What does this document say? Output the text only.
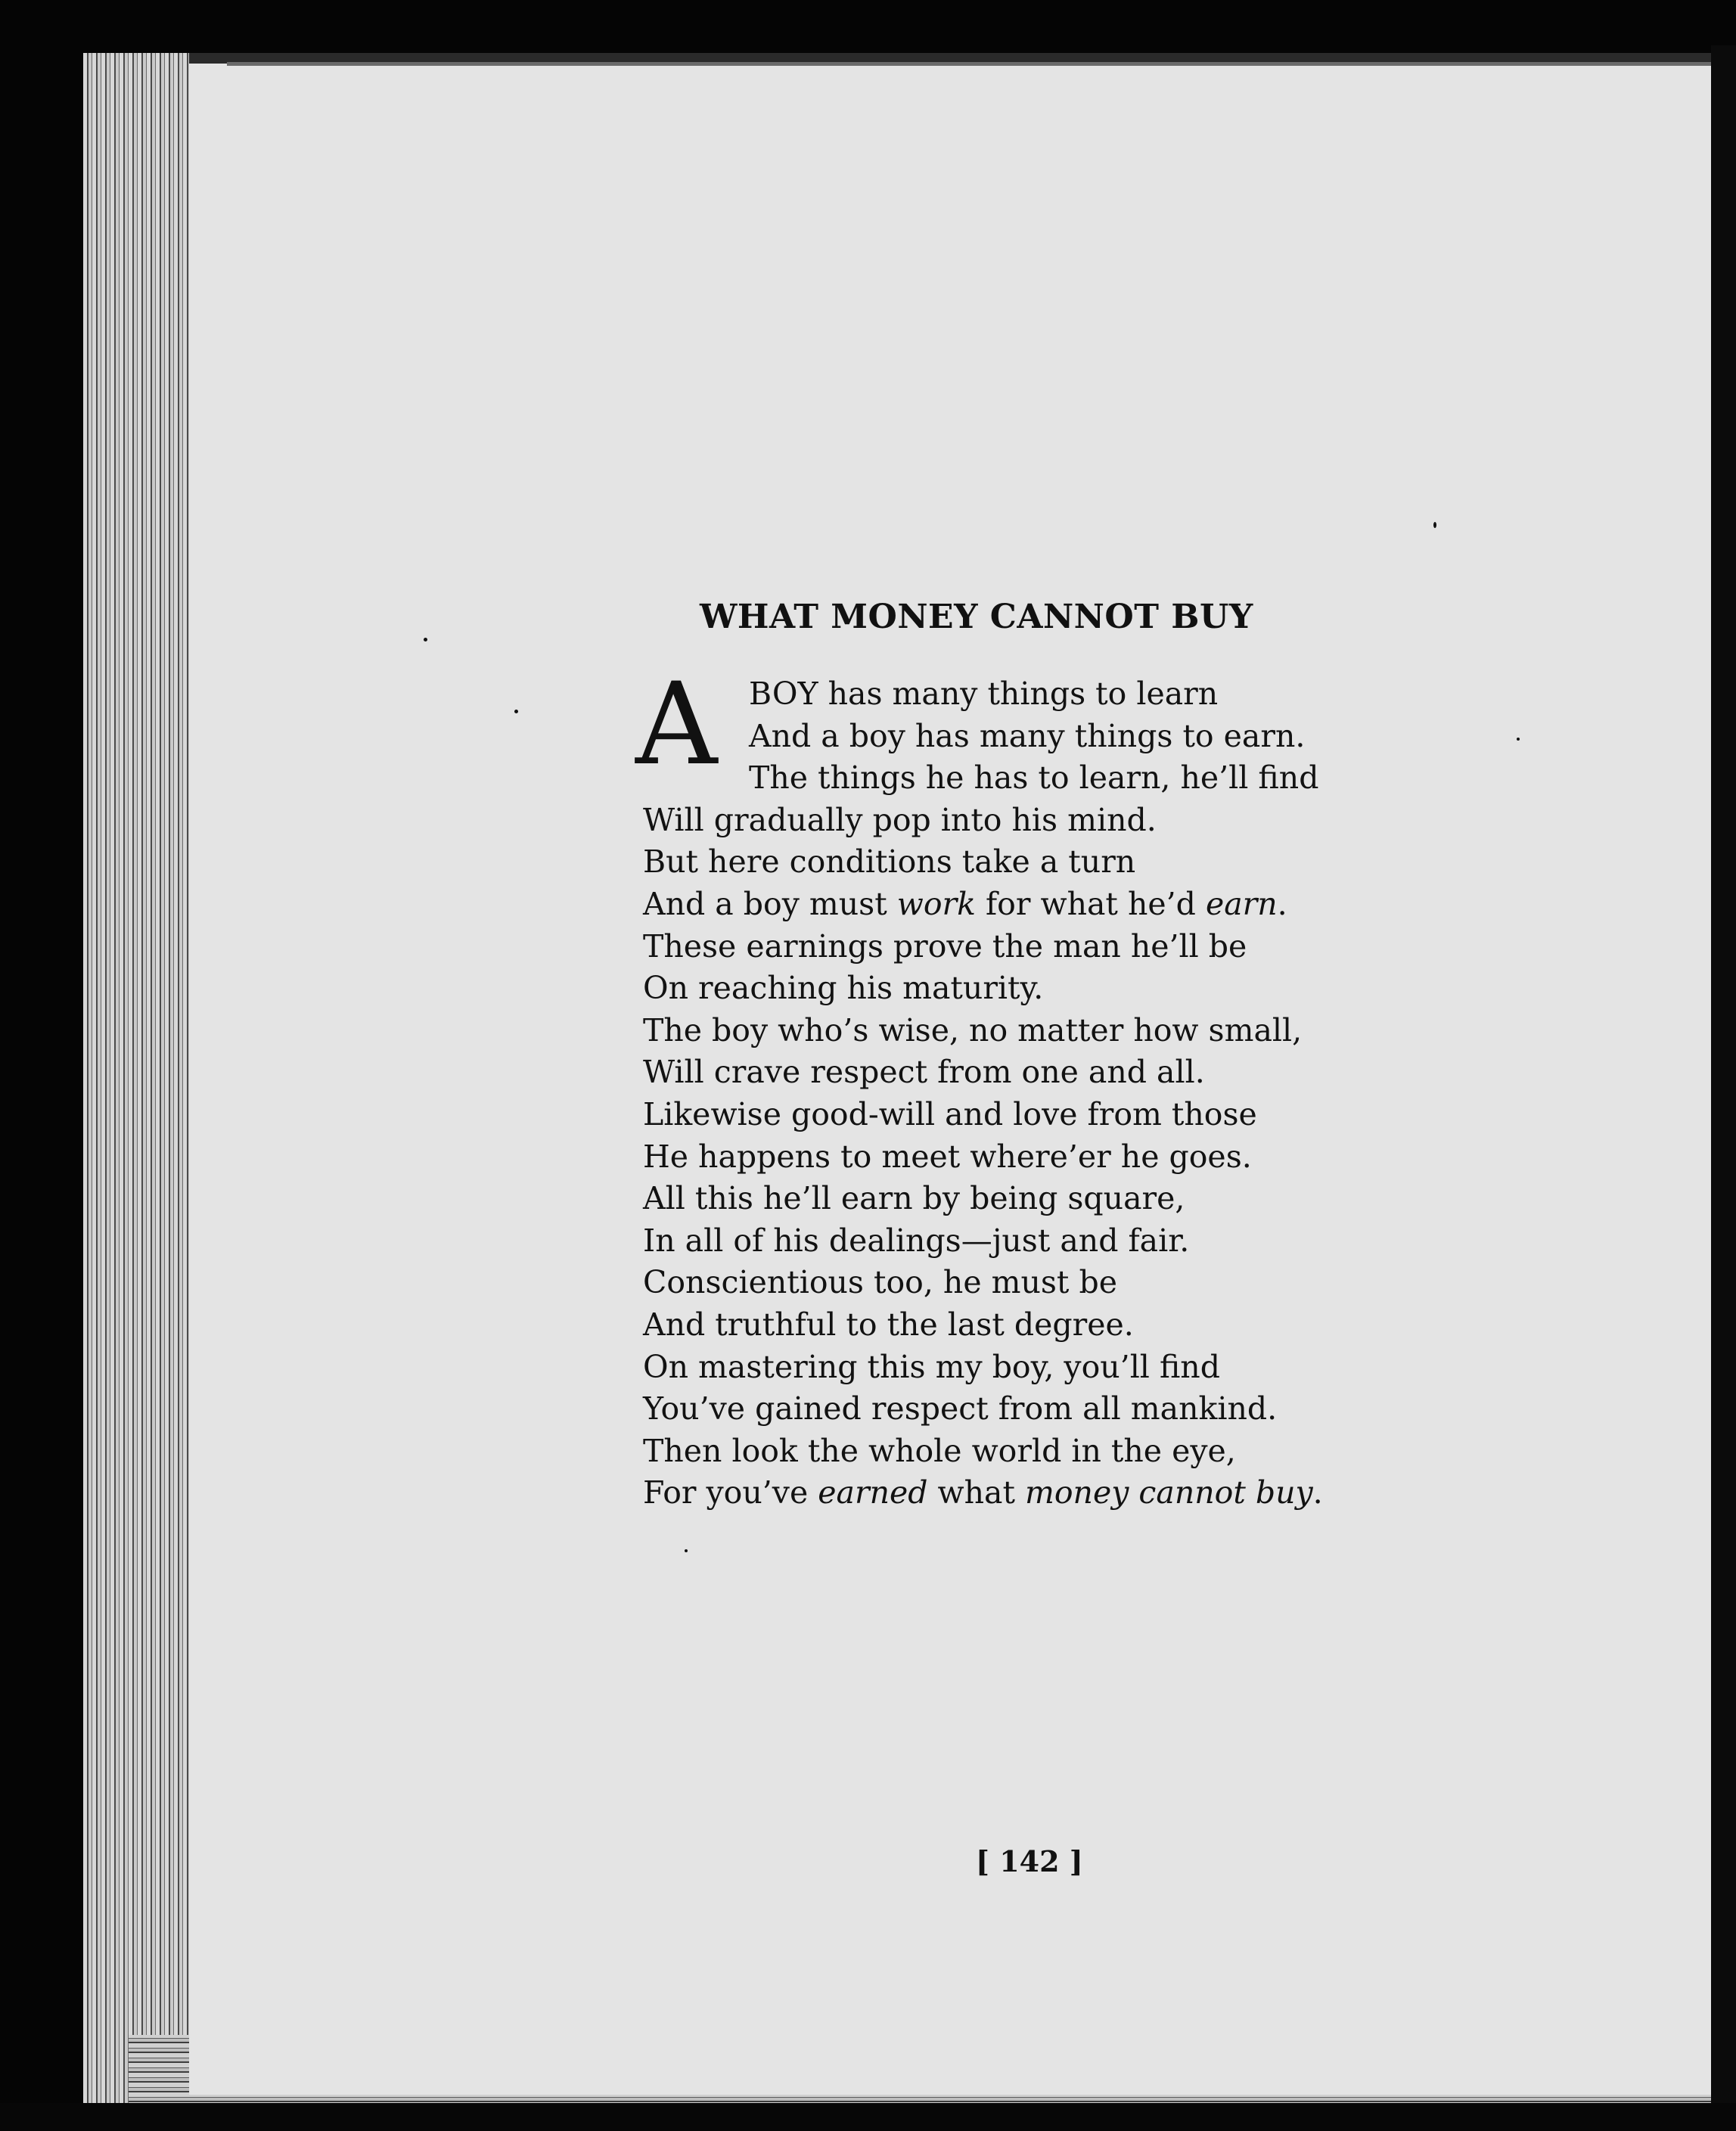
WHAT MONEY CANNOT BUY
A	BOY has many things to learn
And a boy has many things to earn.
The things he has to learn, he’ll find
Will gradually pop into his mind.
But here conditions take a turn
And a boy must work for what he’d earn.
These earnings prove the man he’ll be
On reaching his maturity.
The boy who’s wise, no matter how small,
Will crave respect from one and all.
Likewise good-will and love from those
He happens to meet where’er he goes.
All this he’ll earn by being square,
In all of his dealings—just and fair.
Conscientious too, he must be
And truthful to the last degree.
On mastering this my boy, you’ll find
You’ve gained respect from all mankind.
Then look the whole world in the eye,
For you’ve earned what money cannot buy.
[ 142 ]
